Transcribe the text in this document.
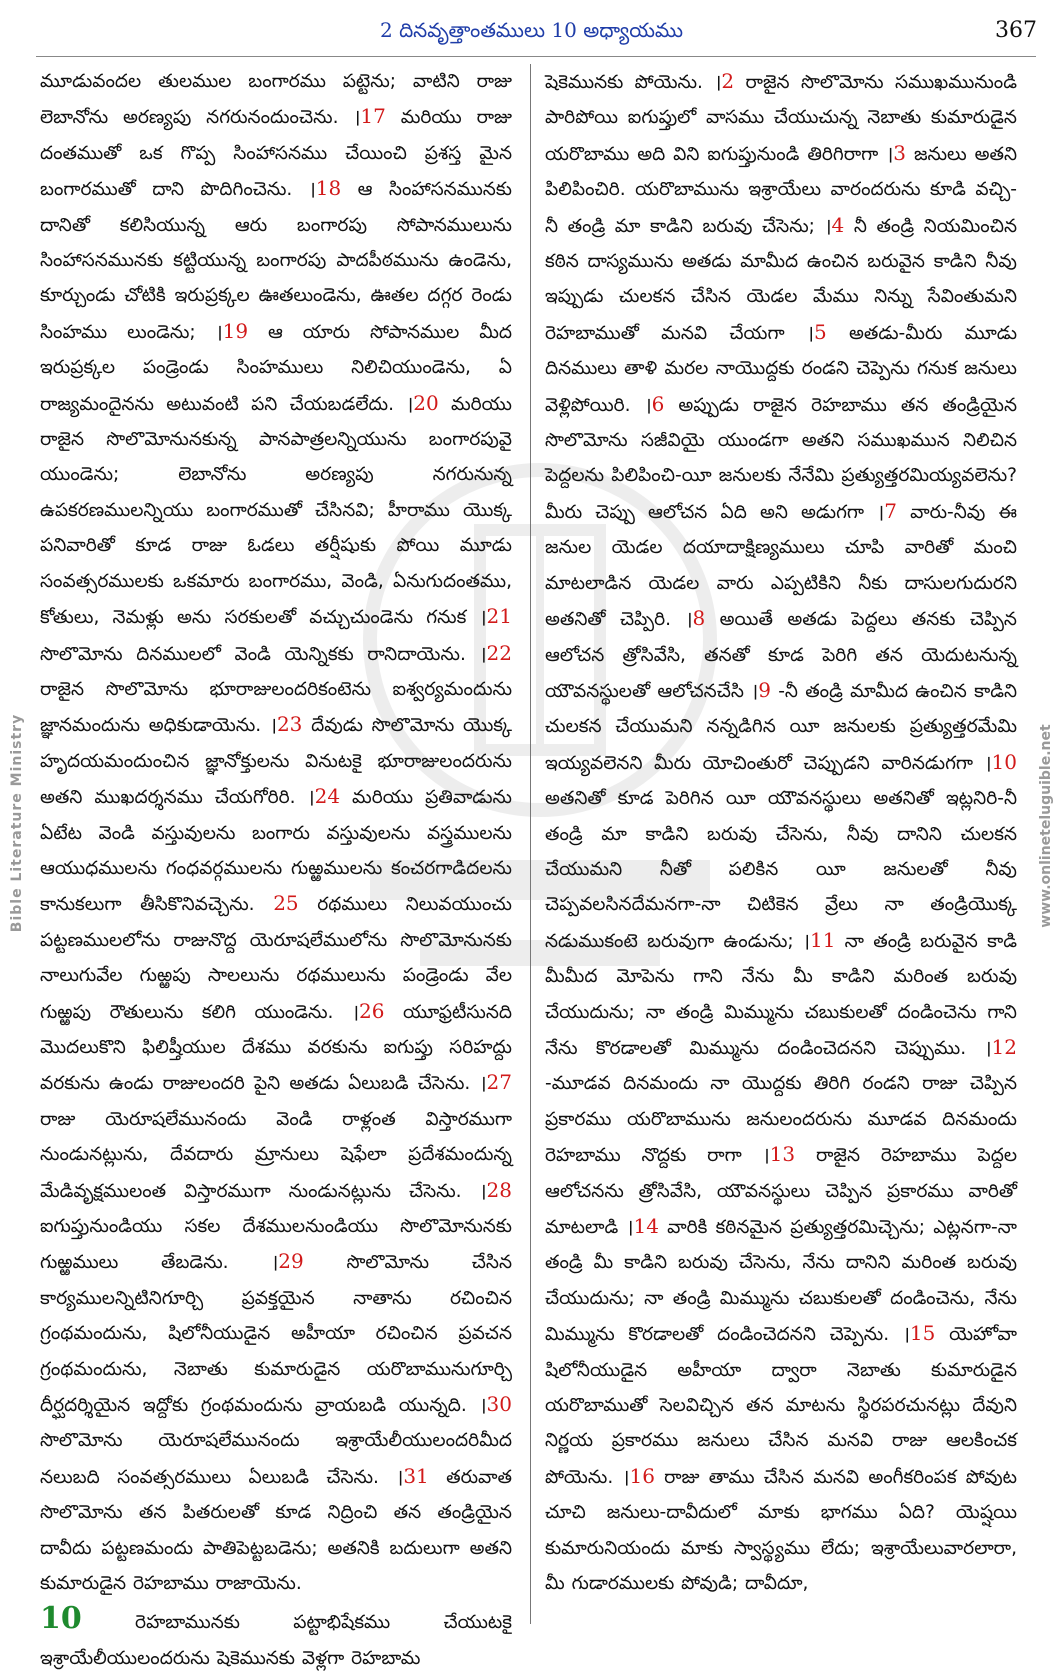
2 దినవృత్తాంతములు 10 అధ్యాయము	367
Bible Literature Ministry	www.onlineteluguible.net
మూడువందల తులముల బంగారము పట్టెను; వాటిని రాజు లెబానోను అరణ్యపు నగరునందుంచెను. ।17 మరియు రాజు దంతముతో ఒక గొప్ప సింహాసనము చేయించి ప్రశస్త మైన బంగారముతో దాని పొదిగించెను. ।18 ఆ సింహాసనమునకు దానితో కలిసియున్న ఆరు బంగారపు సోపానములును సింహాసనమునకు కట్టియున్న బంగారపు పాదపీఠమును ఉండెను, కూర్చుండు చోటికి ఇరుప్రక్కల ఊతలుండెను, ఊతల దగ్గర రెండు సింహము లుండెను; ।19 ఆ యారు సోపానముల మీద ఇరుప్రక్కల పండ్రెండు సింహములు నిలిచియుండెను, ఏ రాజ్యమందైనను అటువంటి పని చేయబడలేదు. ।20 మరియు రాజైన సొలొమోనునకున్న పానపాత్రలన్నియును బంగారపువై యుండెను; లెబానోను అరణ్యపు నగరునున్న ఉపకరణములన్నియు బంగారముతో చేసినవి; హీరాము యొక్క పనివారితో కూడ రాజు ఓడలు తర్షీషుకు పోయి మూడు సంవత్సరములకు ఒకమారు బంగారము, వెండి, ఏనుగుదంతము, కోతులు, నెమళ్లు అను సరకులతో వచ్చుచుండెను గనుక ।21 సొలొమోను దినములలో వెండి యెన్నికకు రానిదాయెను. ।22 రాజైన సొలొమోను భూరాజులందరికంటెను ఐశ్వర్యమందును జ్ఞానమందును అధికుడాయెను. ।23 దేవుడు సొలొమోను యొక్క హృదయమందుంచిన జ్ఞానోక్తులను వినుటకై భూరాజులందరును అతని ముఖదర్శనము చేయగోరిరి. ।24 మరియు ప్రతివాడును ఏటేట వెండి వస్తువులను బంగారు వస్తువులను వస్త్రములను ఆయుధములను గంధవర్గములను గుఱ్ఱములను కంచరగాడిదలను కానుకలుగా తీసికొనివచ్చెను. 25 రథములు నిలువయుంచు పట్టణములలోను రాజునొద్ద యెరూషలేములోను సొలొమోనునకు నాలుగువేల గుఱ్ఱపు సాలలును రథములును పండ్రెండు వేల గుఱ్ఱపు రౌతులును కలిగి యుండెను. ।26 యూఫ్రటీసునది మొదలుకొని ఫిలిష్తీయుల దేశము వరకును ఐగుప్తు సరిహద్దు వరకును ఉండు రాజులందరి పైని అతడు ఏలుబడి చేసెను. ।27 రాజు యెరూషలేమునందు వెండి రాళ్లంత విస్తారముగా నుండునట్లును, దేవదారు మ్రానులు షెఫేలా ప్రదేశమందున్న మేడివృక్షములంత విస్తారముగా నుండునట్లును చేసెను. ।28 ఐగుప్తునుండియు సకల దేశములనుండియు సొలొమోనునకు గుఱ్ఱములు తేబడెను. ।29 సొలొమోను చేసిన కార్యములన్నిటినిగూర్చి ప్రవక్తయైన నాతాను రచించిన గ్రంథమందును, షిలోనీయుడైన అహీయా రచించిన ప్రవచన గ్రంథమందును, నెబాతు కుమారుడైన యరొబామునుగూర్చి దీర్ఘదర్శియైన ఇద్దోకు గ్రంథమందును వ్రాయబడి యున్నది. ।30 సొలొమోను యెరూషలేమునందు ఇశ్రాయేలీయులందరిమీద నలుబది సంవత్సరములు ఏలుబడి చేసెను. ।31 తరువాత సొలొమోను తన పితరులతో కూడ నిద్రించి తన తండ్రియైన దావీదు పట్టణమందు పాతిపెట్టబడెను; అతనికి బదులుగా అతని కుమారుడైన రెహబాము రాజాయెను.
10 రెహబామునకు పట్టాభిషేకము చేయుటకై ఇశ్రాయేలీయులందరును షెకెమునకు వెళ్లగా రెహబామ
షెకెమునకు పోయెను. ।2 రాజైన సొలొమోను సముఖమునుండి పారిపోయి ఐగుప్తులో వాసము చేయుచున్న నెబాతు కుమారుడైన యరొబాము అది విని ఐగుప్తునుండి తిరిగిరాగా ।3 జనులు అతని పిలిపించిరి. యరొబామును ఇశ్రాయేలు వారందరును కూడి వచ్చి-నీ తండ్రి మా కాడిని బరువు చేసెను; ।4 నీ తండ్రి నియమించిన కఠిన దాస్యమును అతడు మామీద ఉంచిన బరువైన కాడిని నీవు ఇప్పుడు చులకన చేసిన యెడల మేము నిన్ను సేవింతుమని రెహబాముతో మనవి చేయగా ।5 అతడు-మీరు మూడు దినములు తాళి మరల నాయొద్దకు రండని చెప్పెను గనుక జనులు వెళ్లిపోయిరి. ।6 అప్పుడు రాజైన రెహబాము తన తండ్రియైన సొలొమోను సజీవియై యుండగా అతని సముఖమున నిలిచిన పెద్దలను పిలిపించి-యీ జనులకు నేనేమి ప్రత్యుత్తరమియ్యవలెను? మీరు చెప్పు ఆలోచన ఏది అని అడుగగా ।7 వారు-నీవు ఈ జనుల యెడల దయాదాక్షిణ్యములు చూపి వారితో మంచి మాటలాడిన యెడల వారు ఎప్పటికిని నీకు దాసులగుదురని అతనితో చెప్పిరి. ।8 అయితే అతడు పెద్దలు తనకు చెప్పిన ఆలోచన త్రోసివేసి, తనతో కూడ పెరిగి తన యెదుటనున్న యౌవనస్థులతో ఆలోచనచేసి ।9 -నీ తండ్రి మామీద ఉంచిన కాడిని చులకన చేయుమని నన్నడిగిన యీ జనులకు ప్రత్యుత్తరమేమి ఇయ్యవలెనని మీరు యోచింతురో చెప్పుడని వారినడుగగా ।10 అతనితో కూడ పెరిగిన యీ యౌవనస్థులు అతనితో ఇట్లనిరి-నీ తండ్రి మా కాడిని బరువు చేసెను, నీవు దానిని చులకన చేయుమని నీతో పలికిన యీ జనులతో నీవు చెప్పవలసినదేమనగా-నా చిటికెన వ్రేలు నా తండ్రియొక్క నడుముకంటె బరువుగా ఉండును; ।11 నా తండ్రి బరువైన కాడి మీమీద మోపెను గాని నేను మీ కాడిని మరింత బరువు చేయుదును; నా తండ్రి మిమ్మును చబుకులతో దండించెను గాని నేను కొరడాలతో మిమ్మును దండించెదనని చెప్పుము. ।12 -మూడవ దినమందు నా యొద్దకు తిరిగి రండని రాజు చెప్పిన ప్రకారము యరొబామును జనులందరును మూడవ దినమందు రెహబాము నొద్దకు రాగా ।13 రాజైన రెహబాము పెద్దల ఆలోచనను త్రోసివేసి, యౌవనస్థులు చెప్పిన ప్రకారము వారితో మాటలాడి ।14 వారికి కఠినమైన ప్రత్యుత్తరమిచ్చెను; ఎట్లనగా-నా తండ్రి మీ కాడిని బరువు చేసెను, నేను దానిని మరింత బరువు చేయుదును; నా తండ్రి మిమ్మును చబుకులతో దండించెను, నేను మిమ్మును కొరడాలతో దండించెదనని చెప్పెను. ।15 యెహోవా షిలోనీయుడైన అహీయా ద్వారా నెబాతు కుమారుడైన యరొబాముతో సెలవిచ్చిన తన మాటను స్థిరపరచునట్లు దేవుని నిర్ణయ ప్రకారము జనులు చేసిన మనవి రాజు ఆలకించక పోయెను. ।16 రాజు తాము చేసిన మనవి అంగీకరింపక పోవుట చూచి జనులు-దావీదులో మాకు భాగము ఏది? యెష్షయి కుమారునియందు మాకు స్వాస్థ్యము లేదు; ఇశ్రాయేలువారలారా, మీ గుడారములకు పోవుడి; దావీదూ,
